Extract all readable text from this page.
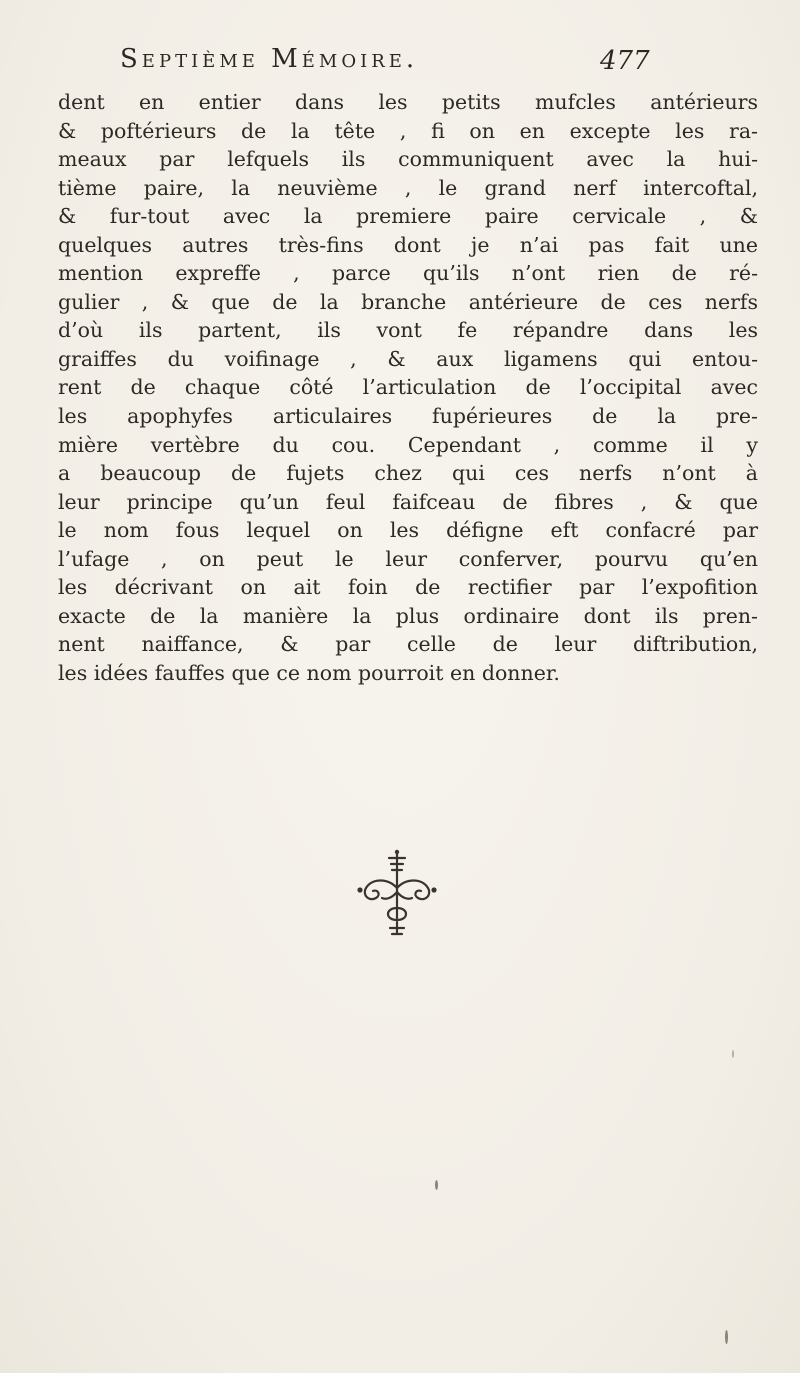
Septième Mémoire.	477
dent en entier dans les petits mufcles antérieurs
& poftérieurs de la tête , fi on en excepte les ra-
meaux par lefquels ils communiquent avec la hui-
tième paire, la neuvième , le grand nerf intercoftal,
& fur-tout avec la premiere paire cervicale , &
quelques autres très-fins dont je n’ai pas fait une
mention expreffe , parce qu’ils n’ont rien de ré-
gulier , & que de la branche antérieure de ces nerfs
d’où ils partent, ils vont fe répandre dans les
graiffes du voifinage , & aux ligamens qui entou-
rent de chaque côté l’articulation de l’occipital avec
les apophyfes articulaires fupérieures de la pre-
mière vertèbre du cou. Cependant , comme il y
a beaucoup de fujets chez qui ces nerfs n’ont à
leur principe qu’un feul faifceau de fibres , & que
le nom fous lequel on les défigne eft confacré par
l’ufage , on peut le leur conferver, pourvu qu’en
les décrivant on ait foin de rectifier par l’expofition
exacte de la manière la plus ordinaire dont ils pren-
nent naiffance, & par celle de leur diftribution,
les idées fauffes que ce nom pourroit en donner.
